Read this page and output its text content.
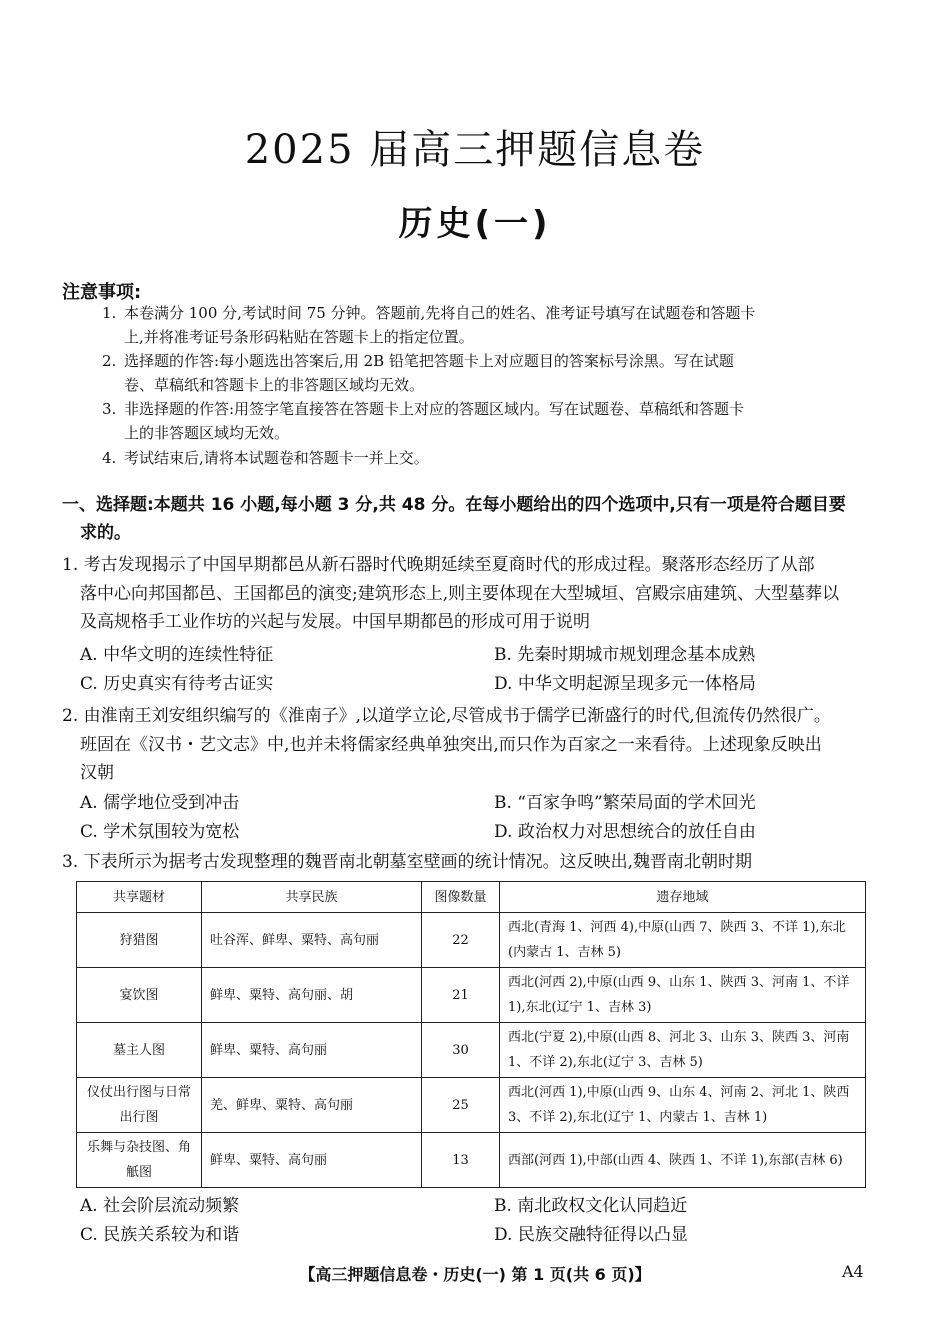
2025 届高三押题信息卷
历史(一)
注意事项:
1. 本卷满分 100 分,考试时间 75 分钟。答题前,先将自己的姓名、准考证号填写在试题卷和答题卡
上,并将准考证号条形码粘贴在答题卡上的指定位置。
2. 选择题的作答:每小题选出答案后,用 2B 铅笔把答题卡上对应题目的答案标号涂黑。写在试题
卷、草稿纸和答题卡上的非答题区域均无效。
3. 非选择题的作答:用签字笔直接答在答题卡上对应的答题区域内。写在试题卷、草稿纸和答题卡
上的非答题区域均无效。
4. 考试结束后,请将本试题卷和答题卡一并上交。
一、选择题:本题共 16 小题,每小题 3 分,共 48 分。在每小题给出的四个选项中,只有一项是符合题目要
求的。
1. 考古发现揭示了中国早期都邑从新石器时代晚期延续至夏商时代的形成过程。聚落形态经历了从部
落中心向邦国都邑、王国都邑的演变;建筑形态上,则主要体现在大型城垣、宫殿宗庙建筑、大型墓葬以
及高规格手工业作坊的兴起与发展。中国早期都邑的形成可用于说明
A. 中华文明的连续性特征	B. 先秦时期城市规划理念基本成熟
C. 历史真实有待考古证实	D. 中华文明起源呈现多元一体格局
2. 由淮南王刘安组织编写的《淮南子》,以道学立论,尽管成书于儒学已渐盛行的时代,但流传仍然很广。
班固在《汉书・艺文志》中,也并未将儒家经典单独突出,而只作为百家之一来看待。上述现象反映出
汉朝
A. 儒学地位受到冲击	B. “百家争鸣”繁荣局面的学术回光
C. 学术氛围较为宽松	D. 政治权力对思想统合的放任自由
3. 下表所示为据考古发现整理的魏晋南北朝墓室壁画的统计情况。这反映出,魏晋南北朝时期
共享题材	共享民族	图像数量	遗存地域
狩猎图	吐谷浑、鲜卑、粟特、高句丽	22	西北(青海 1、河西 4),中原(山西 7、陕西 3、不详 1),东北(内蒙古 1、吉林 5)
宴饮图	鲜卑、粟特、高句丽、胡	21	西北(河西 2),中原(山西 9、山东 1、陕西 3、河南 1、不详 1),东北(辽宁 1、吉林 3)
墓主人图	鲜卑、粟特、高句丽	30	西北(宁夏 2),中原(山西 8、河北 3、山东 3、陕西 3、河南 1、不详 2),东北(辽宁 3、吉林 5)
仪仗出行图与日常出行图	羌、鲜卑、粟特、高句丽	25	西北(河西 1),中原(山西 9、山东 4、河南 2、河北 1、陕西 3、不详 2),东北(辽宁 1、内蒙古 1、吉林 1)
乐舞与杂技图、角觗图	鲜卑、粟特、高句丽	13	西部(河西 1),中部(山西 4、陕西 1、不详 1),东部(吉林 6)
A. 社会阶层流动频繁	B. 南北政权文化认同趋近
C. 民族关系较为和谐	D. 民族交融特征得以凸显
【高三押题信息卷・历史(一) 第 1 页(共 6 页)】	A4
